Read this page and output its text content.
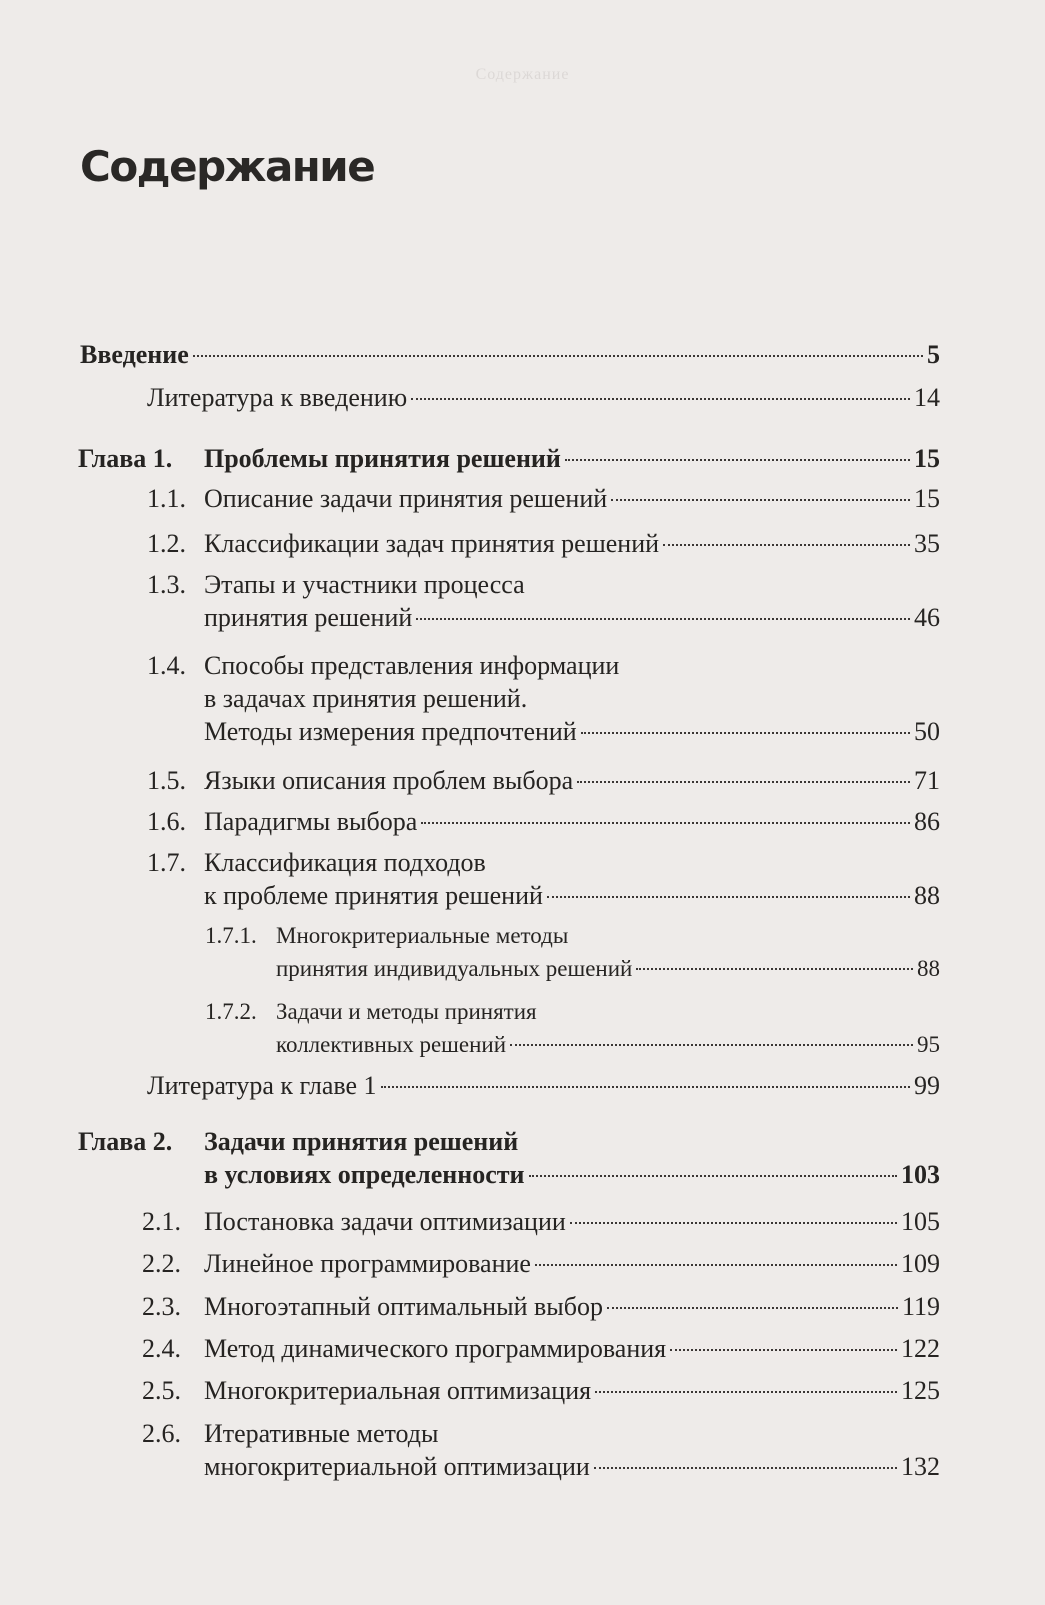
Содержание
Содержание
Введение	5
Литература к введению	14
Глава 1. Проблемы принятия решений	15
1.1. Описание задачи принятия решений	15
1.2. Классификации задач принятия решений	35
1.3. Этапы и участники процесса
принятия решений	46
1.4. Способы представления информации
в задачах принятия решений.
Методы измерения предпочтений	50
1.5. Языки описания проблем выбора	71
1.6. Парадигмы выбора	86
1.7. Классификация подходов
к проблеме принятия решений	88
1.7.1. Многокритериальные методы
принятия индивидуальных решений	88
1.7.2. Задачи и методы принятия
коллективных решений	95
Литература к главе 1	99
Глава 2. Задачи принятия решений
в условиях определенности	103
2.1. Постановка задачи оптимизации	105
2.2. Линейное программирование	109
2.3. Многоэтапный оптимальный выбор	119
2.4. Метод динамического программирования	122
2.5. Многокритериальная оптимизация	125
2.6. Итеративные методы
многокритериальной оптимизации	132
